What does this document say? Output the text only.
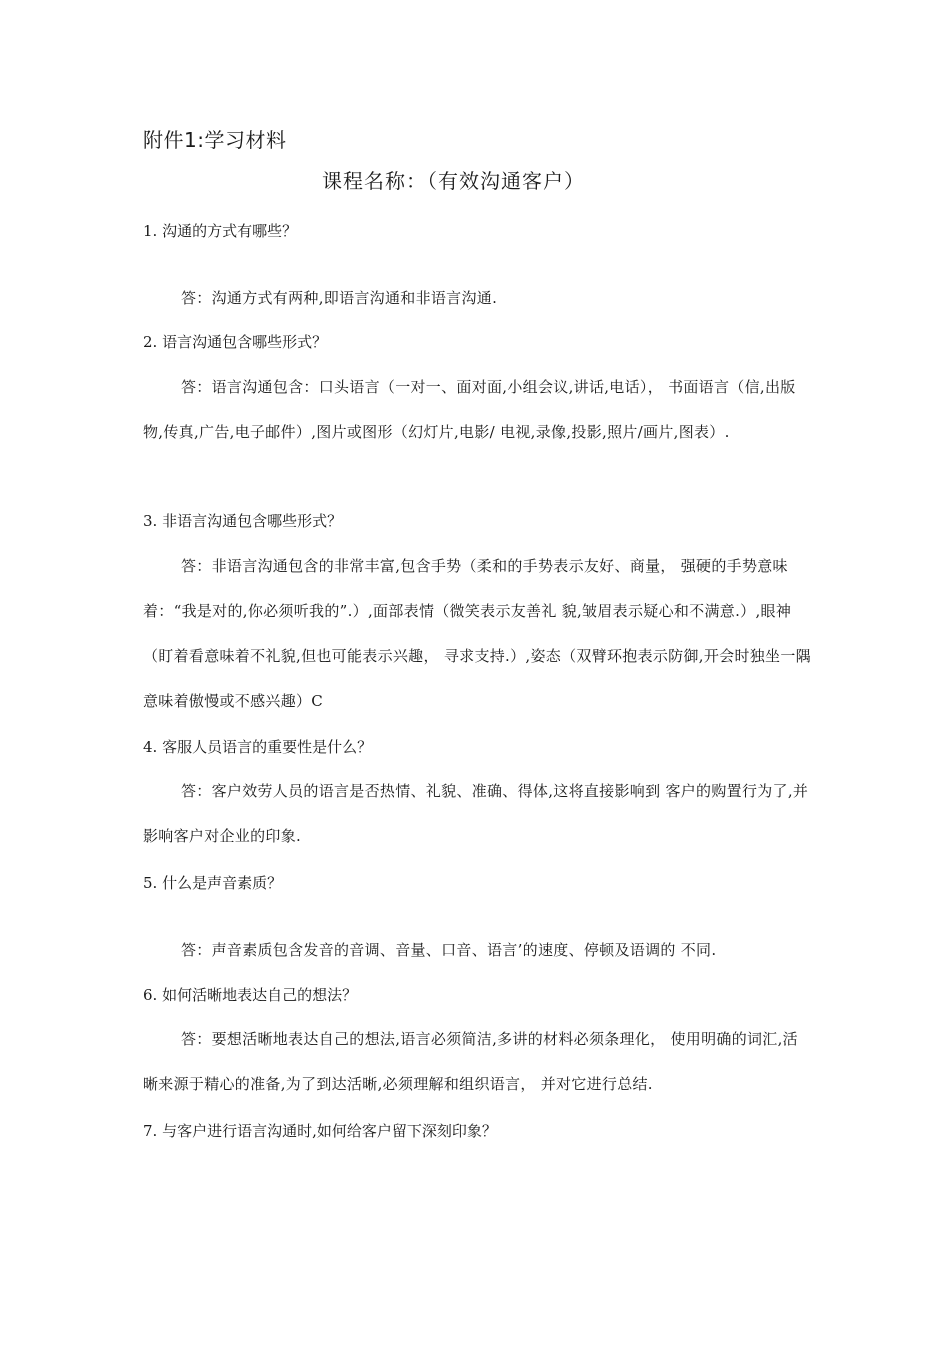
附件1:学习材料
课程名称：（有效沟通客户）
1. 沟通的方式有哪些？
答：沟通方式有两种,即语言沟通和非语言沟通.
2. 语言沟通包含哪些形式？
答：语言沟通包含：口头语言（一对一、面对面,小组会议,讲话,电话）， 书面语言（信,出版物,传真,广告,电子邮件）,图片或图形（幻灯片,电影/ 电视,录像,投影,照片/画片,图表）.
3. 非语言沟通包含哪些形式？
答：非语言沟通包含的非常丰富,包含手势（柔和的手势表示友好、商量， 强硬的手势意味着：“我是对的,你必须听我的”.）,面部表情（微笑表示友善礼 貌,皱眉表示疑心和不满意.）,眼神（盯着看意味着不礼貌,但也可能表示兴趣， 寻求支持.）,姿态（双臂环抱表示防御,开会时独坐一隅意味着傲慢或不感兴趣）C
4. 客服人员语言的重要性是什么？
答：客户效劳人员的语言是否热情、礼貌、准确、得体,这将直接影响到 客户的购置行为了,并影响客户对企业的印象.
5. 什么是声音素质？
答：声音素质包含发音的音调、音量、口音、语言’的速度、停顿及语调的 不同.
6. 如何活晰地表达自己的想法？
答：要想活晰地表达自己的想法,语言必须简洁,多讲的材料必须条理化， 使用明确的词汇,活晰来源于精心的准备,为了到达活晰,必须理解和组织语言， 并对它进行总结.
7. 与客户进行语言沟通时,如何给客户留下深刻印象？
